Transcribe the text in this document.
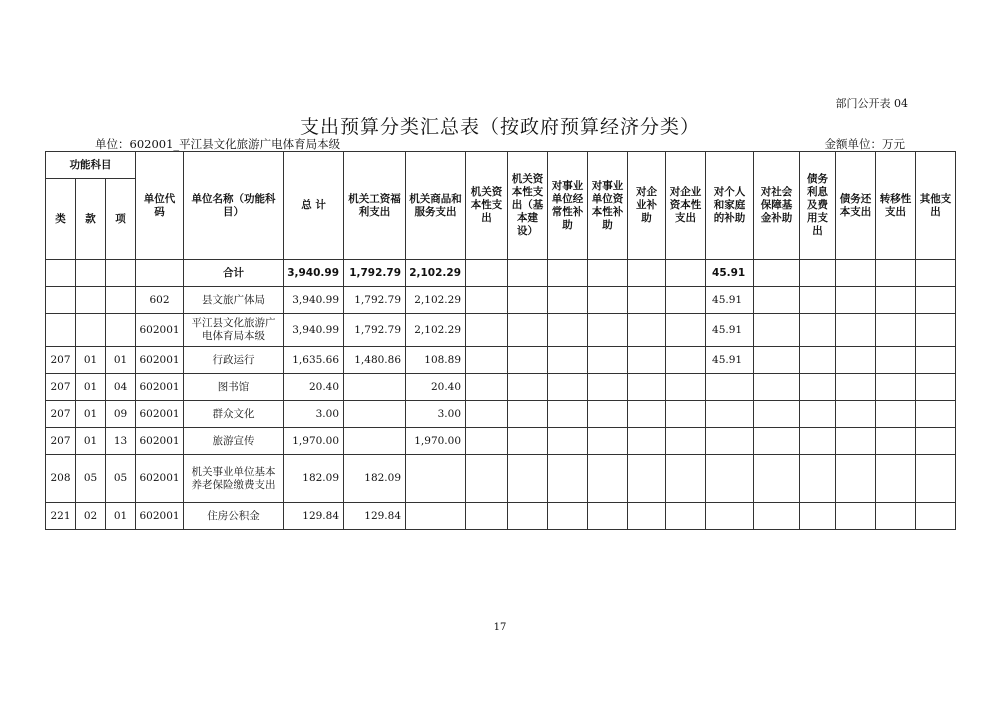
部门公开表 04
支出预算分类汇总表（按政府预算经济分类）
单位：602001_平江县文化旅游广电体育局本级	金额单位：万元
功能科目			单位代码	单位名称（功能科目）	总 计	机关工资福利支出	机关商品和服务支出	机关资本性支出	机关资本性支出（基本建设）	对事业单位经常性补助	对事业单位资本性补助	对企业补助	对企业资本性支出	对个人和家庭的补助	对社会保障基金补助	债务利息及费用支出	债务还本支出	转移性支出	其他支出
类	款	项																	
				合计	3,940.99	1,792.79	2,102.29							45.91					
			602	县文旅广体局	3,940.99	1,792.79	2,102.29							45.91					
			602001	平江县文化旅游广电体育局本级	3,940.99	1,792.79	2,102.29							45.91					
207	01	01	602001	行政运行	1,635.66	1,480.86	108.89							45.91					
207	01	04	602001	图书馆	20.40		20.40												
207	01	09	602001	群众文化	3.00		3.00												
207	01	13	602001	旅游宣传	1,970.00		1,970.00												
208	05	05	602001	机关事业单位基本养老保险缴费支出	182.09	182.09													
221	02	01	602001	住房公积金	129.84	129.84													
17
